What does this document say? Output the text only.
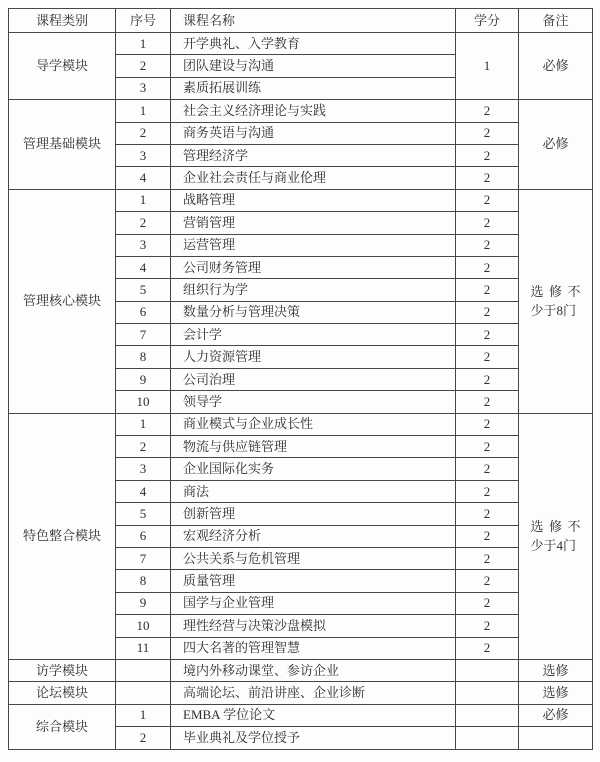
课程类别	序号	课程名称	学分	备注
导学模块	1	开学典礼、入学教育	1	必修
	2	团队建设与沟通		
	3	素质拓展训练		
管理基础模块	1	社会主义经济理论与实践	2	必修
	2	商务英语与沟通	2	
	3	管理经济学	2	
	4	企业社会责任与商业伦理	2	
管理核心模块	1	战略管理	2	选修不少于8门

	2	营销管理	2	
	3	运营管理	2	
	4	公司财务管理	2	
	5	组织行为学	2	
	6	数量分析与管理决策	2	
	7	会计学	2	
	8	人力资源管理	2	
	9	公司治理	2	
	10	领导学	2	
特色整合模块	1	商业模式与企业成长性	2	选修不少于4门

	2	物流与供应链管理	2	
	3	企业国际化实务	2	
	4	商法	2	
	5	创新管理	2	
	6	宏观经济分析	2	
	7	公共关系与危机管理	2	
	8	质量管理	2	
	9	国学与企业管理	2	
	10	理性经营与决策沙盘模拟	2	
	11	四大名著的管理智慧	2	
访学模块		境内外移动课堂、参访企业		选修
论坛模块		高端论坛、前沿讲座、企业诊断		选修
综合模块	1	EMBA 学位论文		必修
	2	毕业典礼及学位授予		
